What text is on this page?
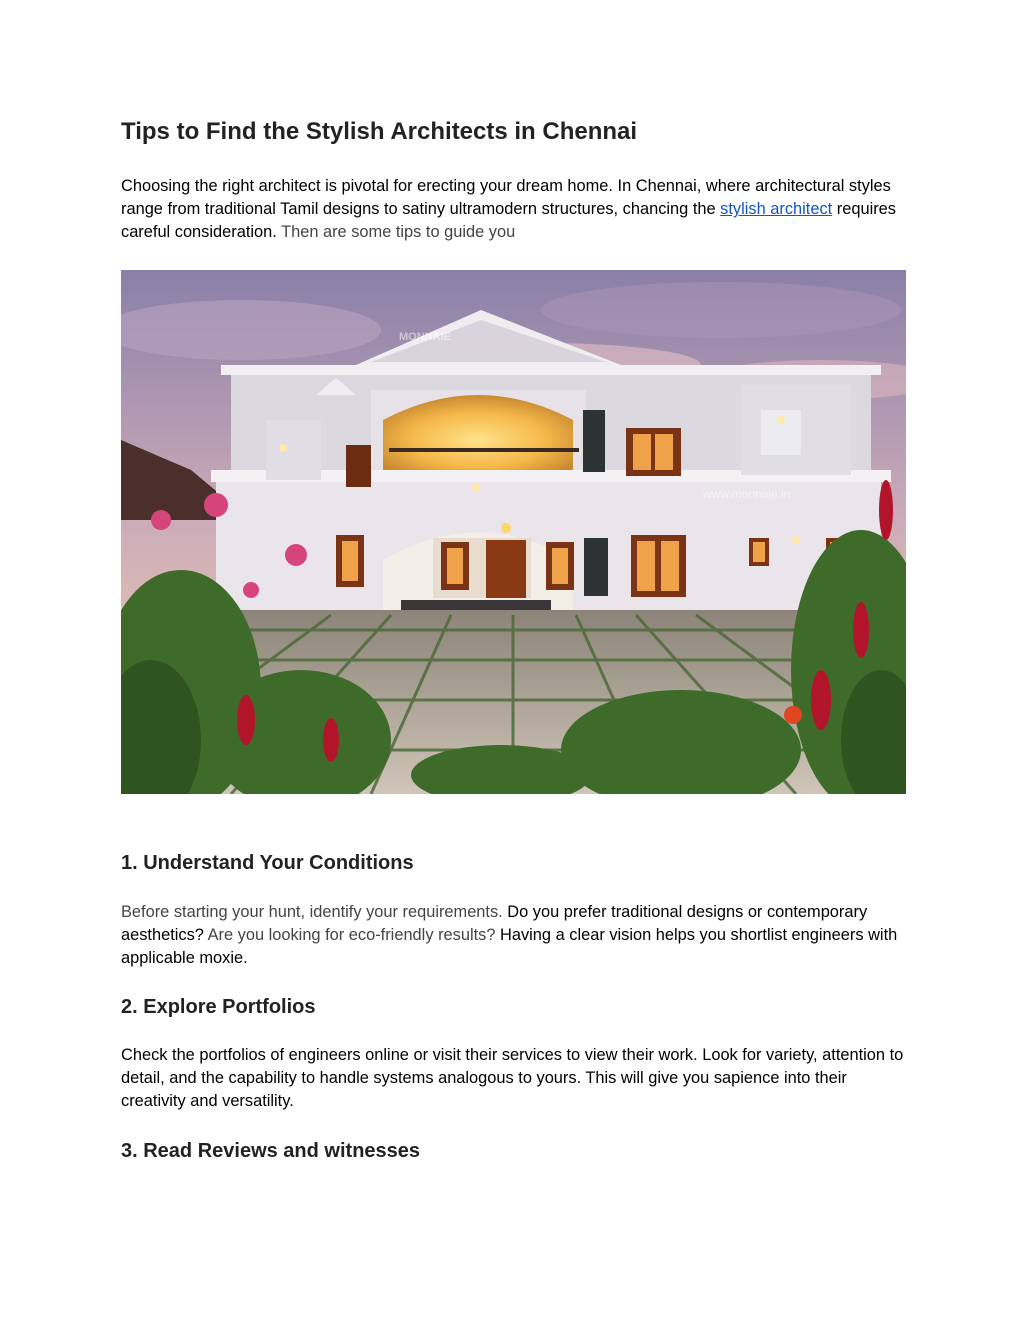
Tips to Find the Stylish Architects in Chennai

Choosing the right architect is pivotal for erecting your dream home. In Chennai, where architectural styles range from traditional Tamil designs to satiny ultramodern structures, chancing the stylish architect requires careful consideration. Then are some tips to guide you

MONNAIE
www.monnaie.in
1. Understand Your Conditions

Before starting your hunt, identify your requirements. Do you prefer traditional designs or contemporary aesthetics? Are you looking for eco-friendly results? Having a clear vision helps you shortlist engineers with applicable moxie.

2. Explore Portfolios

Check the portfolios of engineers online or visit their services to view their work. Look for variety, attention to detail, and the capability to handle systems analogous to yours. This will give you sapience into their creativity and versatility.

3. Read Reviews and witnesses
